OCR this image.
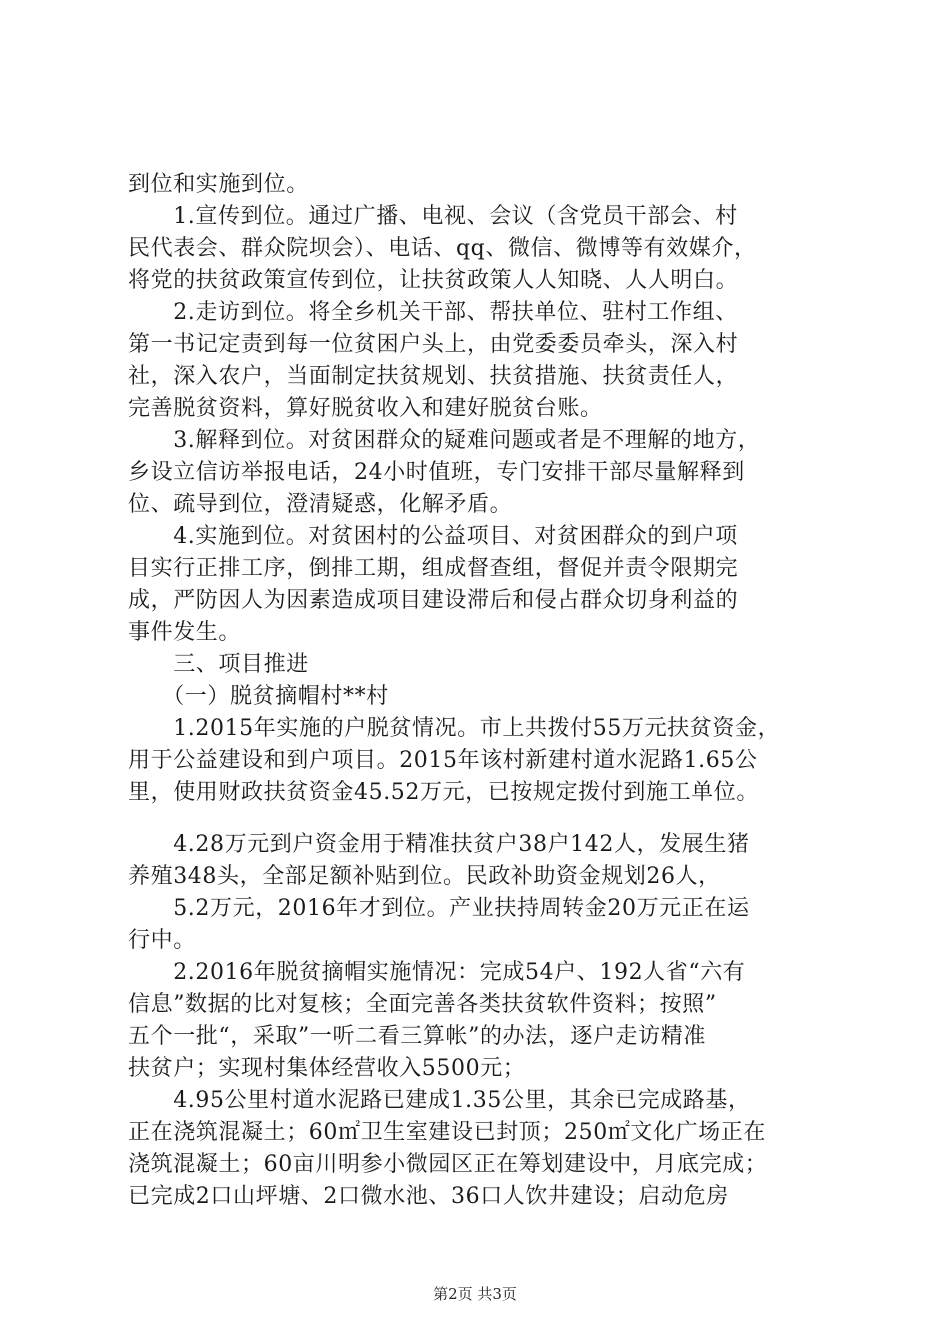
到位和实施到位。
　　1.宣传到位。通过广播、电视、会议（含党员干部会、村
民代表会、群众院坝会）、电话、qq、微信、微博等有效媒介，
将党的扶贫政策宣传到位，让扶贫政策人人知晓、人人明白。
　　2.走访到位。将全乡机关干部、帮扶单位、驻村工作组、
第一书记定责到每一位贫困户头上，由党委委员牵头，深入村
社，深入农户，当面制定扶贫规划、扶贫措施、扶贫责任人，
完善脱贫资料，算好脱贫收入和建好脱贫台账。
　　3.解释到位。对贫困群众的疑难问题或者是不理解的地方，
乡设立信访举报电话，24小时值班，专门安排干部尽量解释到
位、疏导到位，澄清疑惑，化解矛盾。
　　4.实施到位。对贫困村的公益项目、对贫困群众的到户项
目实行正排工序，倒排工期，组成督查组，督促并责令限期完
成，严防因人为因素造成项目建设滞后和侵占群众切身利益的
事件发生。
　　三、项目推进
　　（一）脱贫摘帽村**村
　　1.2015年实施的户脱贫情况。市上共拨付55万元扶贫资金，
用于公益建设和到户项目。2015年该村新建村道水泥路1.65公
里，使用财政扶贫资金45.52万元，已按规定拨付到施工单位。
　　4.28万元到户资金用于精准扶贫户38户142人，发展生猪
养殖348头，全部足额补贴到位。民政补助资金规划26人，
　　5.2万元，2016年才到位。产业扶持周转金20万元正在运
行中。
　　2.2016年脱贫摘帽实施情况：完成54户、192人省“六有
信息”数据的比对复核；全面完善各类扶贫软件资料；按照”
五个一批“，采取”一听二看三算帐”的办法，逐户走访精准
扶贫户；实现村集体经营收入5500元；
　　4.95公里村道水泥路已建成1.35公里，其余已完成路基，
正在浇筑混凝土；60㎡卫生室建设已封顶；250㎡文化广场正在
浇筑混凝土；60亩川明参小微园区正在筹划建设中，月底完成；
已完成2口山坪塘、2口微水池、36口人饮井建设；启动危房
第2页 共3页
